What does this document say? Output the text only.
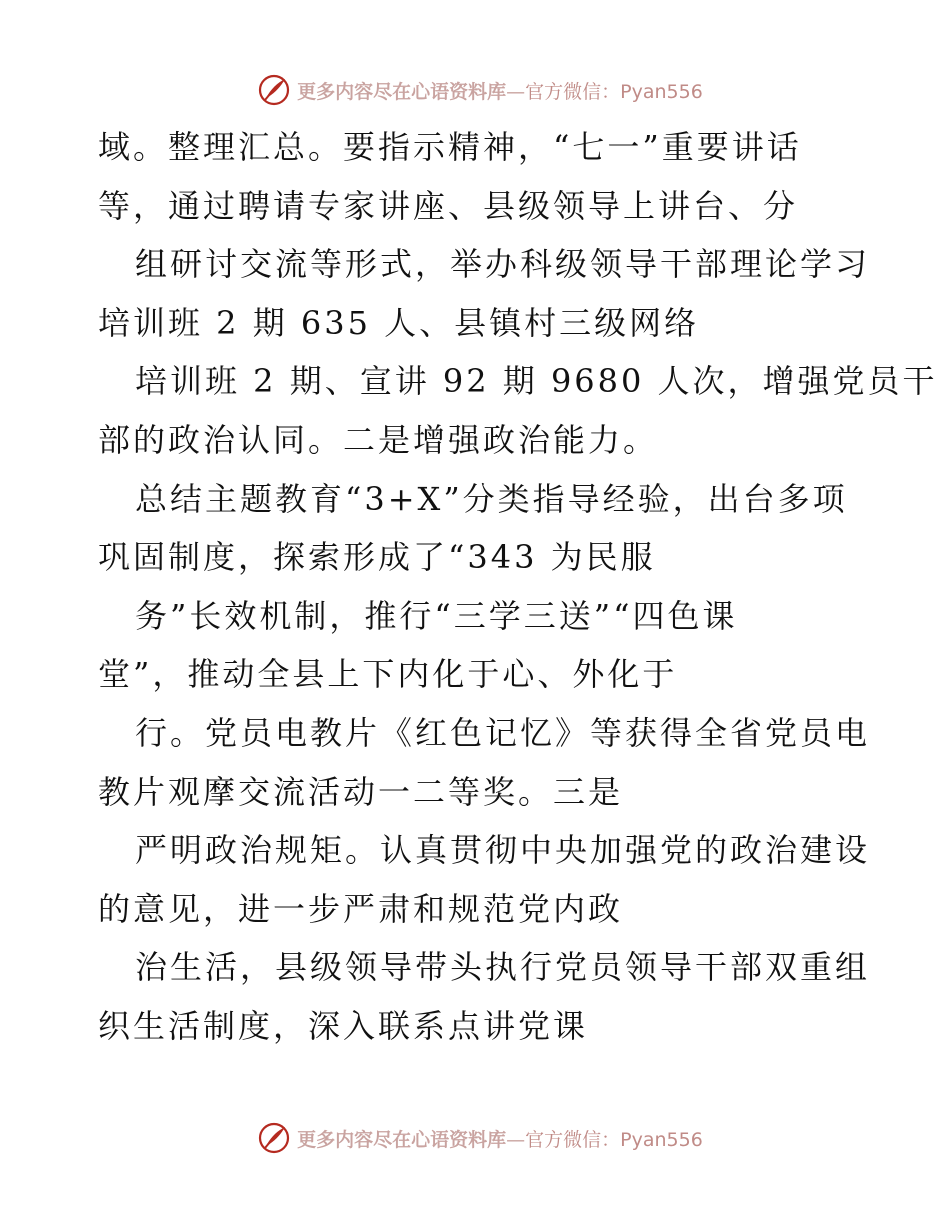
更多内容尽在心语资料库—官方微信：Pyan556
域。整理汇总。要指示精神，“七一”重要讲话
等，通过聘请专家讲座、县级领导上讲台、分
组研讨交流等形式，举办科级领导干部理论学习
培训班 2 期 635 人、县镇村三级网络
培训班 2 期、宣讲 92 期 9680 人次，增强党员干
部的政治认同。二是增强政治能力。
总结主题教育“3+X”分类指导经验，出台多项
巩固制度，探索形成了“343 为民服
务”长效机制，推行“三学三送”“四色课
堂”，推动全县上下内化于心、外化于
行。党员电教片《红色记忆》等获得全省党员电
教片观摩交流活动一二等奖。三是
严明政治规矩。认真贯彻中央加强党的政治建设
的意见，进一步严肃和规范党内政
治生活，县级领导带头执行党员领导干部双重组
织生活制度，深入联系点讲党课
更多内容尽在心语资料库—官方微信：Pyan556
